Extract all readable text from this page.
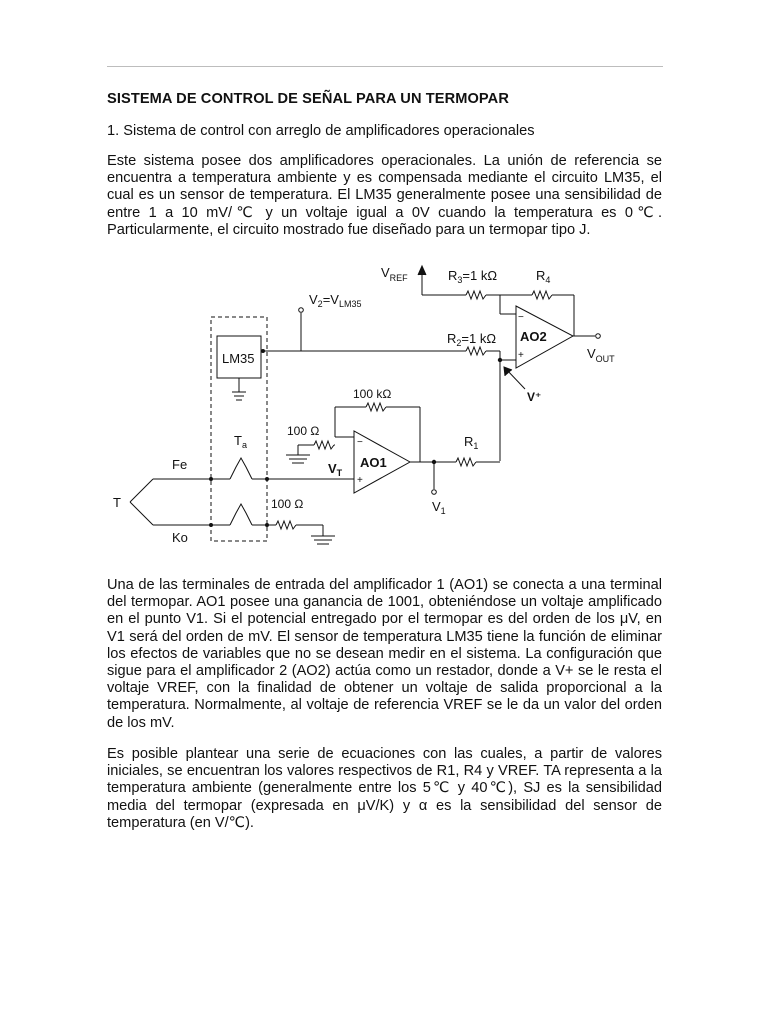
SISTEMA DE CONTROL DE SEÑAL PARA UN TERMOPAR

1. Sistema de control con arreglo de amplificadores operacionales

Este sistema posee dos amplificadores operacionales. La unión de referencia se encuentra a temperatura ambiente y es compensada mediante el circuito LM35, el cual es un sensor de temperatura. El LM35 generalmente posee una sensibilidad de entre 1 a 10 mV/℃ y un voltaje igual a 0V cuando la temperatura es 0℃. Particularmente, el circuito mostrado fue diseñado para un termopar tipo J.

$V_{REF}$	$R_3=1$ kΩ	$R_4$
$V_2=V_{LM35}$
$R_2=1$ kΩ
−
+
AO2
$V_{OUT}$
LM35
V⁺
100 kΩ
100 Ω
$T_a$	$R_1$
Fe	$V_T$
−
+
AO1
T	100 Ω	$V_1$
Ko

Una de las terminales de entrada del amplificador 1 (AO1) se conecta a una terminal del termopar. AO1 posee una ganancia de 1001, obteniéndose un voltaje amplificado en el punto V1. Si el potencial entregado por el termopar es del orden de los μV, en V1 será del orden de mV. El sensor de temperatura LM35 tiene la función de eliminar los efectos de variables que no se desean medir en el sistema. La configuración que sigue para el amplificador 2 (AO2) actúa como un restador, donde a V+ se le resta el voltaje VREF, con la finalidad de obtener un voltaje de salida proporcional a la temperatura. Normalmente, al voltaje de referencia VREF se le da un valor del orden de los mV.

Es posible plantear una serie de ecuaciones con las cuales, a partir de valores iniciales, se encuentran los valores respectivos de R1, R4 y VREF. TA representa a la temperatura ambiente (generalmente entre los 5℃ y 40℃), SJ es la sensibilidad media del termopar (expresada en μV/K) y α es la sensibilidad del sensor de temperatura (en V/℃).
